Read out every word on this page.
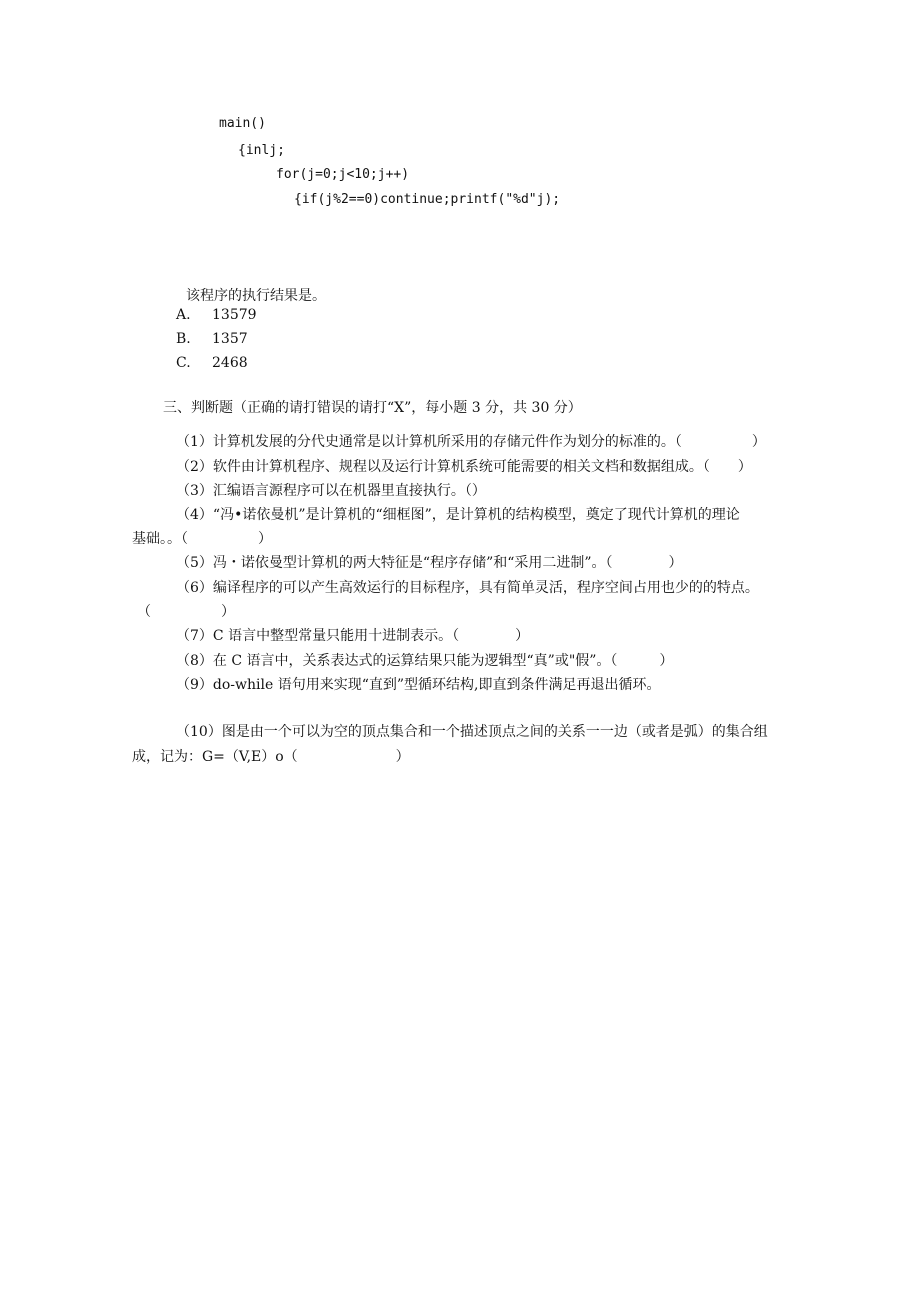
main()
{inlj;
for(j=0;j<10;j++)
{if(j%2==0)continue;printf("%d"j);
该程序的执行结果是。
A. 13579
B. 1357
C. 2468
三、判断题（正确的请打错误的请打“X”，每小题 3 分，共 30 分）
（1）计算机发展的分代史通常是以计算机所采用的存储元件作为划分的标准的。（　　　　　）
（2）软件由计算机程序、规程以及运行计算机系统可能需要的相关文档和数据组成。（　　）
（3）汇编语言源程序可以在机器里直接执行。（）
（4）“冯•诺依曼机”是计算机的“细框图”，是计算机的结构模型，奠定了现代计算机的理论
基础。。（　　　　　）
（5）冯・诺依曼型计算机的两大特征是“程序存储”和“采用二进制”。（　　　　）
（6）编译程序的可以产生高效运行的目标程序，具有简单灵活，程序空间占用也少的的特点。
（　　　　　）
（7）C 语言中整型常量只能用十进制表示。（　　　　）
（8）在 C 语言中，关系表达式的运算结果只能为逻辑型“真”或"假”。（　　　）
（9）do-while 语句用来实现“直到”型循环结构,即直到条件满足再退出循环。
（10）图是由一个可以为空的顶点集合和一个描述顶点之间的关系一一边（或者是弧）的集合组
成，记为：G=（V,E）o（　　　　　　　）
